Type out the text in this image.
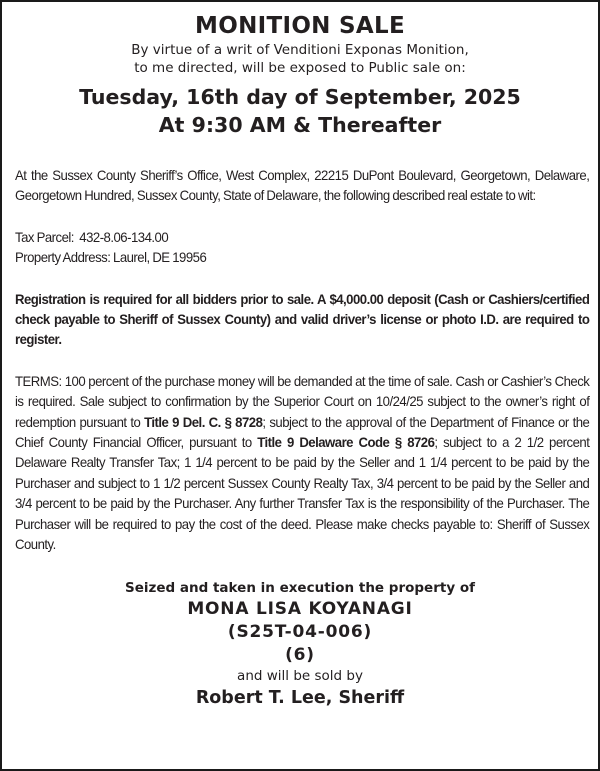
MONITION SALE

By virtue of a writ of Venditioni Exponas Monition,

to me directed, will be exposed to Public sale on:

Tuesday, 16th day of September, 2025

At 9:30 AM & Thereafter

At the Sussex County Sheriff’s Office, West Complex, 22215 DuPont Boulevard, Georgetown, Delaware, Georgetown Hundred, Sussex County, State of Delaware, the following described real estate to wit:

Tax Parcel: 432-8.06-134.00
Property Address: Laurel, DE 19956

Registration is required for all bidders prior to sale. A $4,000.00 deposit (Cash or Cashiers/certified check payable to Sheriff of Sussex County) and valid driver’s license or photo I.D. are required to register.

TERMS: 100 percent of the purchase money will be demanded at the time of sale. Cash or Cashier’s Check is required. Sale subject to confirmation by the Superior Court on 10/24/25 subject to the owner’s right of redemption pursuant to Title 9 Del. C. § 8728; subject to the approval of the Department of Finance or the Chief County Financial Officer, pursuant to Title 9 Delaware Code § 8726; subject to a 2 1/2 percent Delaware Realty Transfer Tax; 1 1/4 percent to be paid by the Seller and 1 1/4 percent to be paid by the Purchaser and subject to 1 1/2 percent Sussex County Realty Tax, 3/4 percent to be paid by the Seller and 3/4 percent to be paid by the Purchaser. Any further Transfer Tax is the responsibility of the Purchaser. The Purchaser will be required to pay the cost of the deed. Please make checks payable to: Sheriff of Sussex County.

Seized and taken in execution the property of

MONA LISA KOYANAGI

(S25T-04-006)

(6)

and will be sold by

Robert T. Lee, Sheriff
